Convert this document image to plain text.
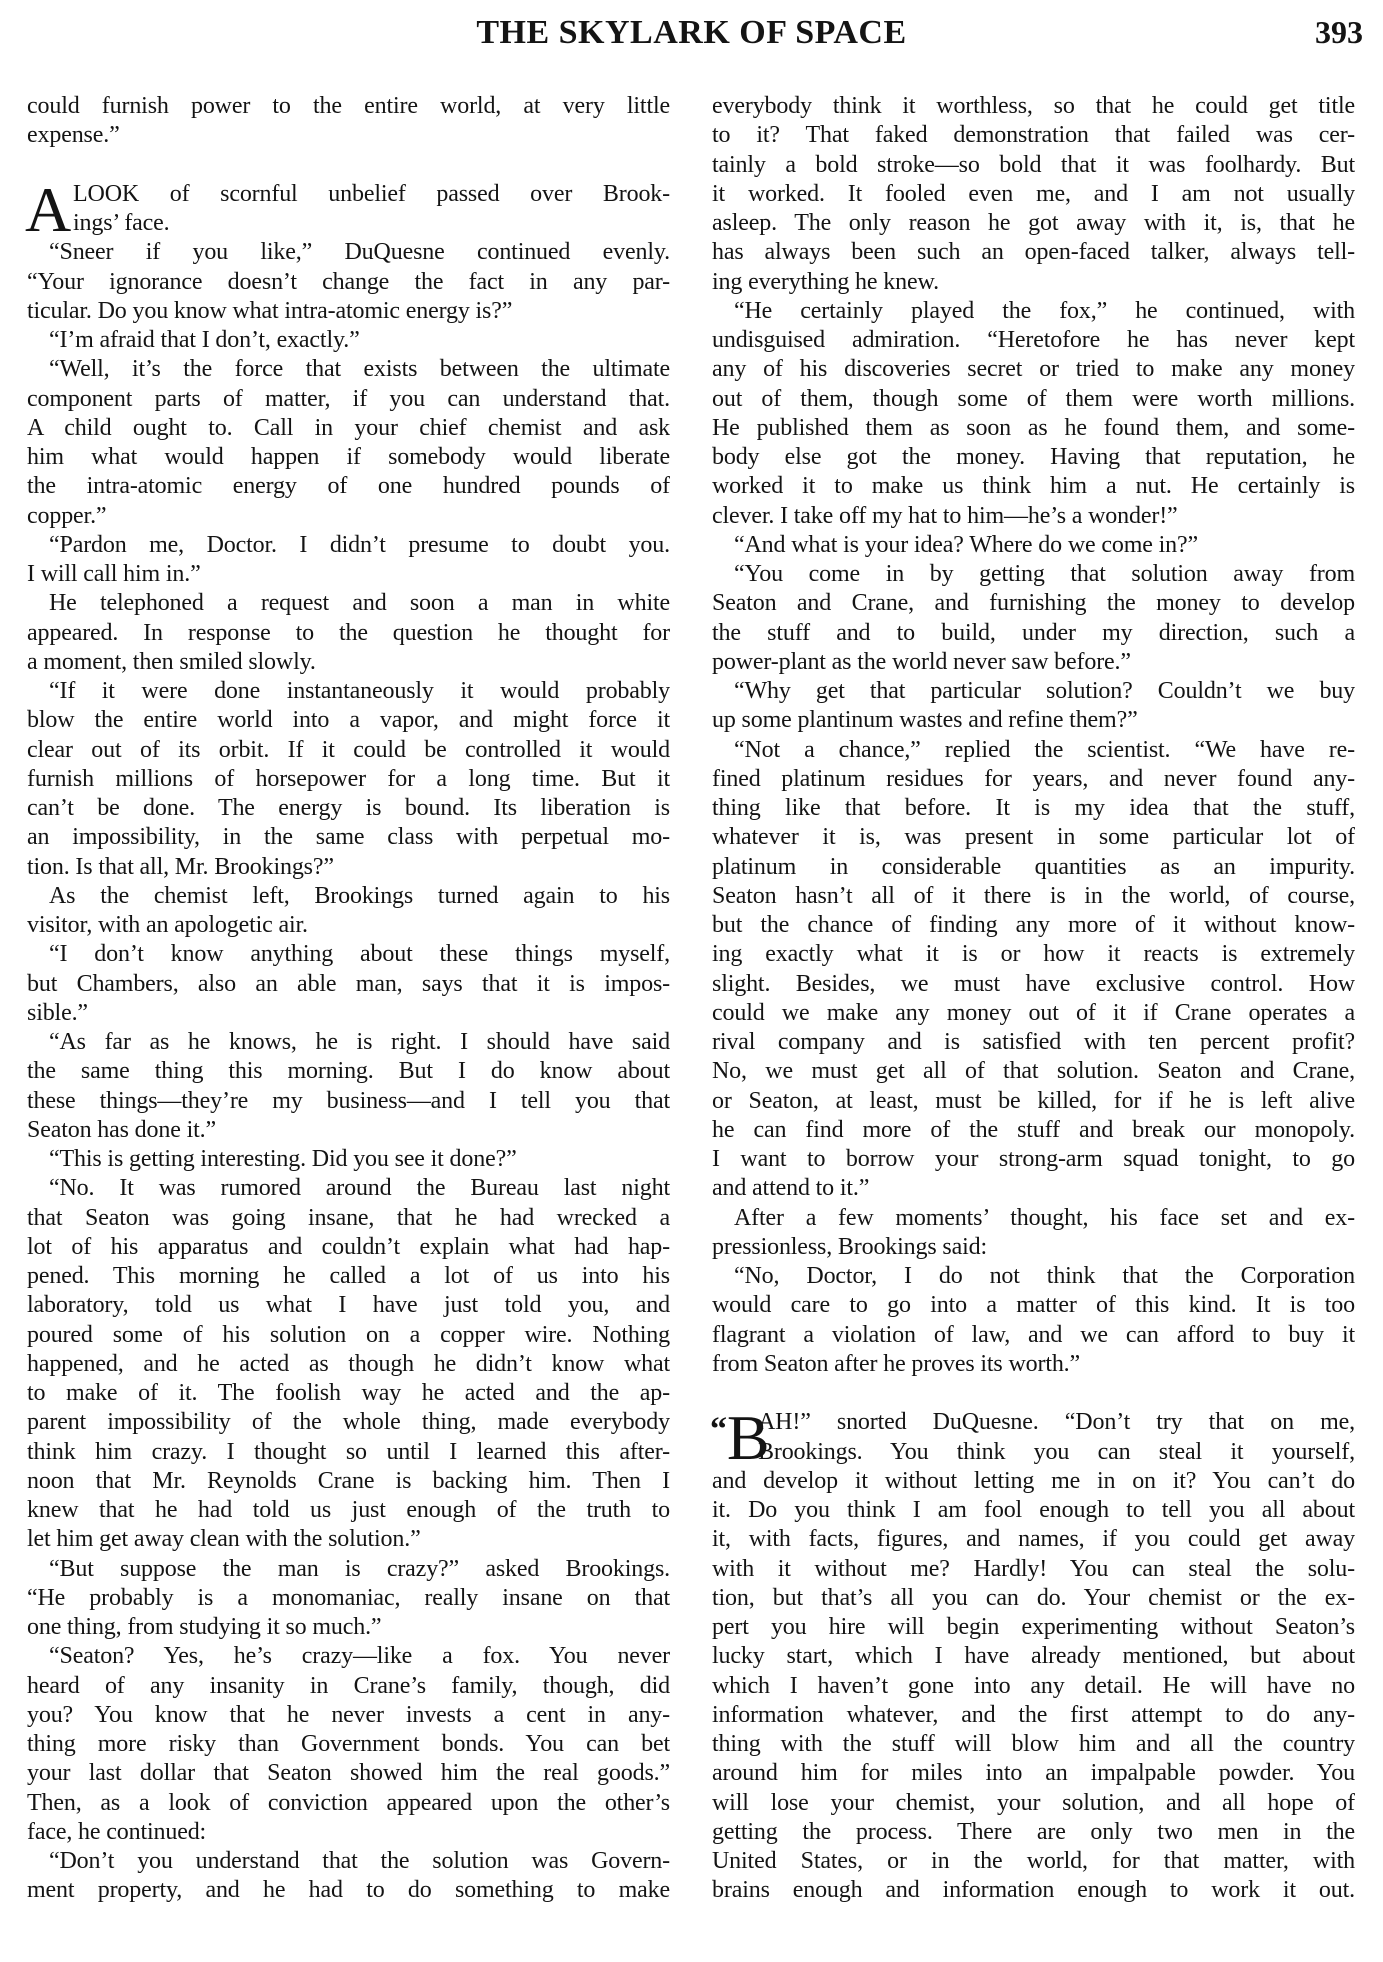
THE SKYLARK OF SPACE	393
could furnish power to the entire world, at very little
expense.”
A LOOK of scornful unbelief passed over Brook-
ings’ face.
“Sneer if you like,” DuQuesne continued evenly.
“Your ignorance doesn’t change the fact in any par-
ticular. Do you know what intra-atomic energy is?”
“I’m afraid that I don’t, exactly.”
“Well, it’s the force that exists between the ultimate
component parts of matter, if you can understand that.
A child ought to. Call in your chief chemist and ask
him what would happen if somebody would liberate
the intra-atomic energy of one hundred pounds of
copper.”
“Pardon me, Doctor. I didn’t presume to doubt you.
I will call him in.”
He telephoned a request and soon a man in white
appeared. In response to the question he thought for
a moment, then smiled slowly.
“If it were done instantaneously it would probably
blow the entire world into a vapor, and might force it
clear out of its orbit. If it could be controlled it would
furnish millions of horsepower for a long time. But it
can’t be done. The energy is bound. Its liberation is
an impossibility, in the same class with perpetual mo-
tion. Is that all, Mr. Brookings?”
As the chemist left, Brookings turned again to his
visitor, with an apologetic air.
“I don’t know anything about these things myself,
but Chambers, also an able man, says that it is impos-
sible.”
“As far as he knows, he is right. I should have said
the same thing this morning. But I do know about
these things—they’re my business—and I tell you that
Seaton has done it.”
“This is getting interesting. Did you see it done?”
“No. It was rumored around the Bureau last night
that Seaton was going insane, that he had wrecked a
lot of his apparatus and couldn’t explain what had hap-
pened. This morning he called a lot of us into his
laboratory, told us what I have just told you, and
poured some of his solution on a copper wire. Nothing
happened, and he acted as though he didn’t know what
to make of it. The foolish way he acted and the ap-
parent impossibility of the whole thing, made everybody
think him crazy. I thought so until I learned this after-
noon that Mr. Reynolds Crane is backing him. Then I
knew that he had told us just enough of the truth to
let him get away clean with the solution.”
“But suppose the man is crazy?” asked Brookings.
“He probably is a monomaniac, really insane on that
one thing, from studying it so much.”
“Seaton? Yes, he’s crazy—like a fox. You never
heard of any insanity in Crane’s family, though, did
you? You know that he never invests a cent in any-
thing more risky than Government bonds. You can bet
your last dollar that Seaton showed him the real goods.”
Then, as a look of conviction appeared upon the other’s
face, he continued:
“Don’t you understand that the solution was Govern-
ment property, and he had to do something to make
everybody think it worthless, so that he could get title
to it? That faked demonstration that failed was cer-
tainly a bold stroke—so bold that it was foolhardy. But
it worked. It fooled even me, and I am not usually
asleep. The only reason he got away with it, is, that he
has always been such an open-faced talker, always tell-
ing everything he knew.
“He certainly played the fox,” he continued, with
undisguised admiration. “Heretofore he has never kept
any of his discoveries secret or tried to make any money
out of them, though some of them were worth millions.
He published them as soon as he found them, and some-
body else got the money. Having that reputation, he
worked it to make us think him a nut. He certainly is
clever. I take off my hat to him—he’s a wonder!”
“And what is your idea? Where do we come in?”
“You come in by getting that solution away from
Seaton and Crane, and furnishing the money to develop
the stuff and to build, under my direction, such a
power-plant as the world never saw before.”
“Why get that particular solution? Couldn’t we buy
up some plantinum wastes and refine them?”
“Not a chance,” replied the scientist. “We have re-
fined platinum residues for years, and never found any-
thing like that before. It is my idea that the stuff,
whatever it is, was present in some particular lot of
platinum in considerable quantities as an impurity.
Seaton hasn’t all of it there is in the world, of course,
but the chance of finding any more of it without know-
ing exactly what it is or how it reacts is extremely
slight. Besides, we must have exclusive control. How
could we make any money out of it if Crane operates a
rival company and is satisfied with ten percent profit?
No, we must get all of that solution. Seaton and Crane,
or Seaton, at least, must be killed, for if he is left alive
he can find more of the stuff and break our monopoly.
I want to borrow your strong-arm squad tonight, to go
and attend to it.”
After a few moments’ thought, his face set and ex-
pressionless, Brookings said:
“No, Doctor, I do not think that the Corporation
would care to go into a matter of this kind. It is too
flagrant a violation of law, and we can afford to buy it
from Seaton after he proves its worth.”
“B
AH!” snorted DuQuesne. “Don’t try that on me,
Brookings. You think you can steal it yourself,
and develop it without letting me in on it? You can’t do
it. Do you think I am fool enough to tell you all about
it, with facts, figures, and names, if you could get away
with it without me? Hardly! You can steal the solu-
tion, but that’s all you can do. Your chemist or the ex-
pert you hire will begin experimenting without Seaton’s
lucky start, which I have already mentioned, but about
which I haven’t gone into any detail. He will have no
information whatever, and the first attempt to do any-
thing with the stuff will blow him and all the country
around him for miles into an impalpable powder. You
will lose your chemist, your solution, and all hope of
getting the process. There are only two men in the
United States, or in the world, for that matter, with
brains enough and information enough to work it out.
